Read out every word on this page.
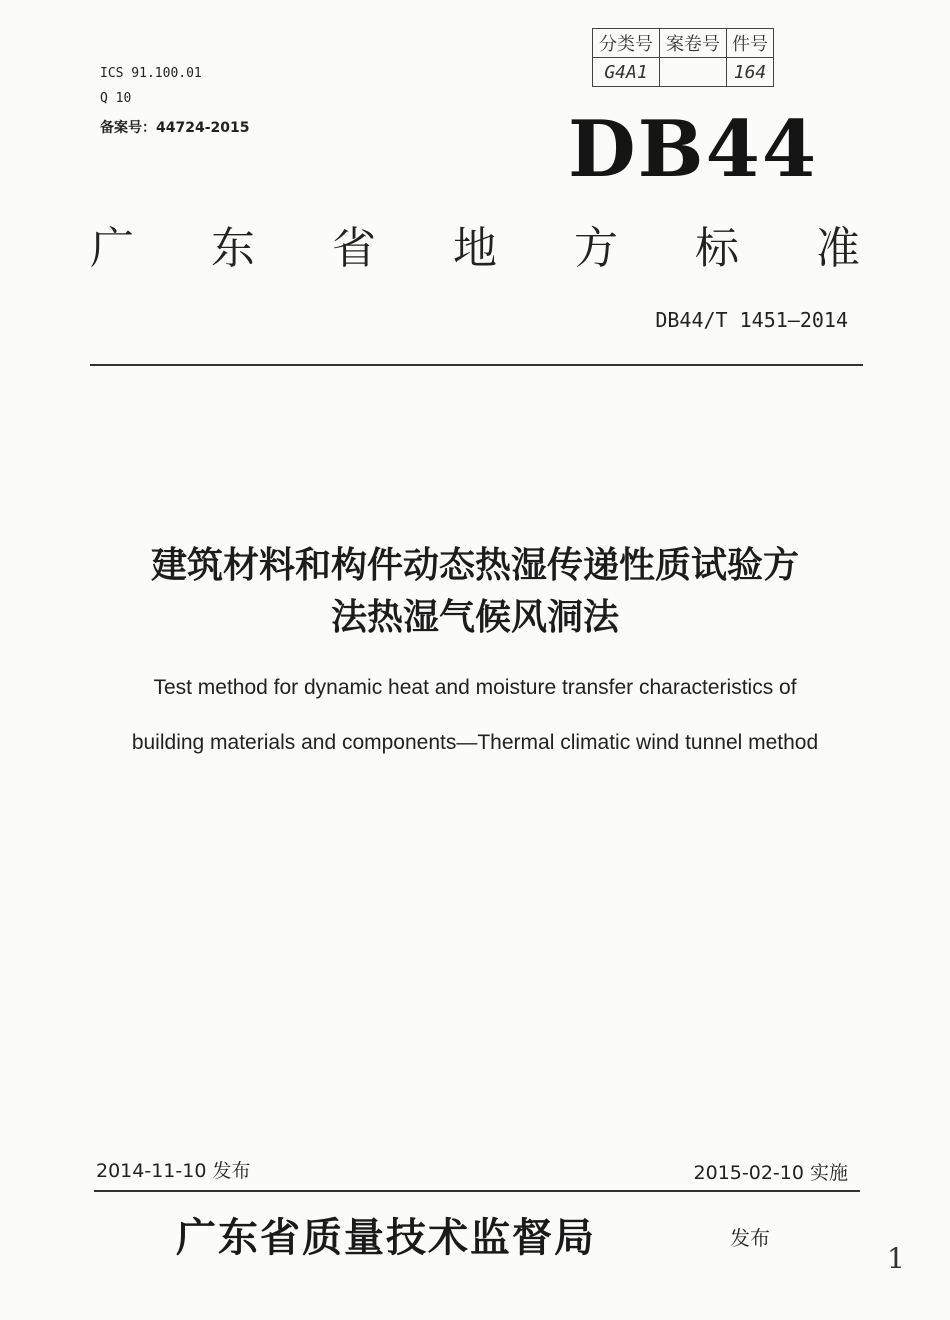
ICS 91.100.01
Q 10
备案号：44724-2015
分类号	案卷号	件号
G4A1		164
DB44
广 东 省 地 方 标 准
DB44/T 1451—2014
建筑材料和构件动态热湿传递性质试验方
法热湿气候风洞法
Test method for dynamic heat and moisture transfer characteristics of
building materials and components—Thermal climatic wind tunnel method
2014-11-10 发布	2015-02-10 实施
广东省质量技术监督局	发布
1
